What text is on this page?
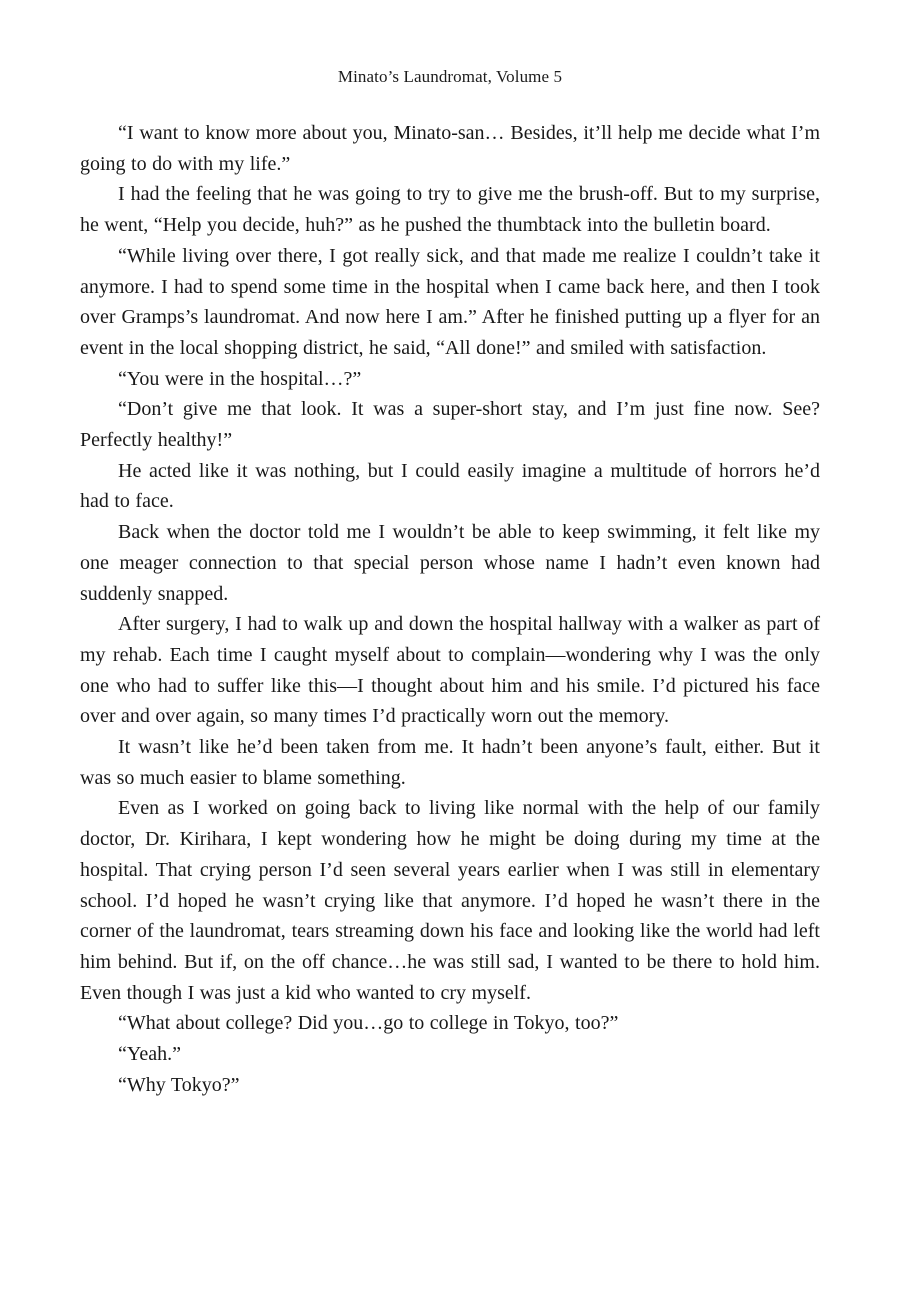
Minato’s Laundromat, Volume 5

“I want to know more about you, Minato-san… Besides, it’ll help me decide what I’m going to do with my life.”

I had the feeling that he was going to try to give me the brush-off. But to my surprise, he went, “Help you decide, huh?” as he pushed the thumbtack into the bulletin board.

“While living over there, I got really sick, and that made me realize I couldn’t take it anymore. I had to spend some time in the hospital when I came back here, and then I took over Gramps’s laundromat. And now here I am.” After he finished putting up a flyer for an event in the local shopping district, he said, “All done!” and smiled with satisfaction.

“You were in the hospital…?”

“Don’t give me that look. It was a super-short stay, and I’m just fine now. See? Perfectly healthy!”

He acted like it was nothing, but I could easily imagine a multitude of horrors he’d had to face.

Back when the doctor told me I wouldn’t be able to keep swimming, it felt like my one meager connection to that special person whose name I hadn’t even known had suddenly snapped.

After surgery, I had to walk up and down the hospital hallway with a walker as part of my rehab. Each time I caught myself about to complain—wondering why I was the only one who had to suffer like this—I thought about him and his smile. I’d pictured his face over and over again, so many times I’d practically worn out the memory.

It wasn’t like he’d been taken from me. It hadn’t been anyone’s fault, either. But it was so much easier to blame something.

Even as I worked on going back to living like normal with the help of our family doctor, Dr. Kirihara, I kept wondering how he might be doing during my time at the hospital. That crying person I’d seen several years earlier when I was still in elementary school. I’d hoped he wasn’t crying like that anymore. I’d hoped he wasn’t there in the corner of the laundromat, tears streaming down his face and looking like the world had left him behind. But if, on the off chance…he was still sad, I wanted to be there to hold him. Even though I was just a kid who wanted to cry myself.

“What about college? Did you…go to college in Tokyo, too?”

“Yeah.”

“Why Tokyo?”
